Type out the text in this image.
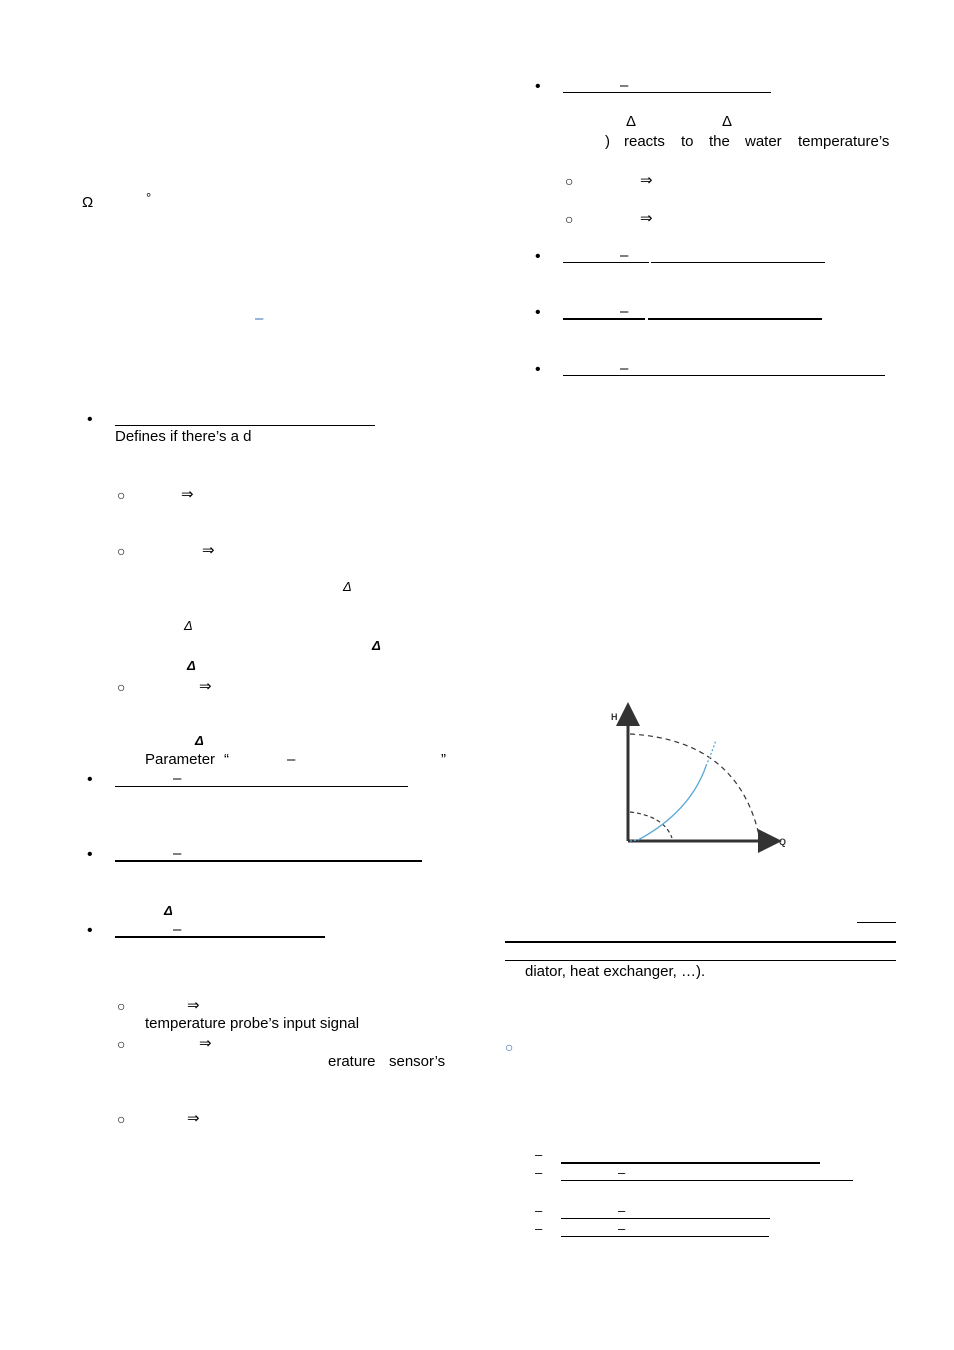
Ω	°
–
•
Defines if there’s a d
○	⇒
○	⇒
Δ
Δ
Δ
Δ
○	⇒
Δ
Parameter “	–	”
•	–
•	–
Δ
•	–
○	⇒
temperature probe’s input signal
○	⇒
erature sensor’s
○	⇒
•	–
Δ	Δ
) reacts to the water temperature’s
○	⇒
○	⇒
•	–
•	–
•	–
H
Q
diator, heat exchanger, …).
○
–
–	–
–	–
–	–
